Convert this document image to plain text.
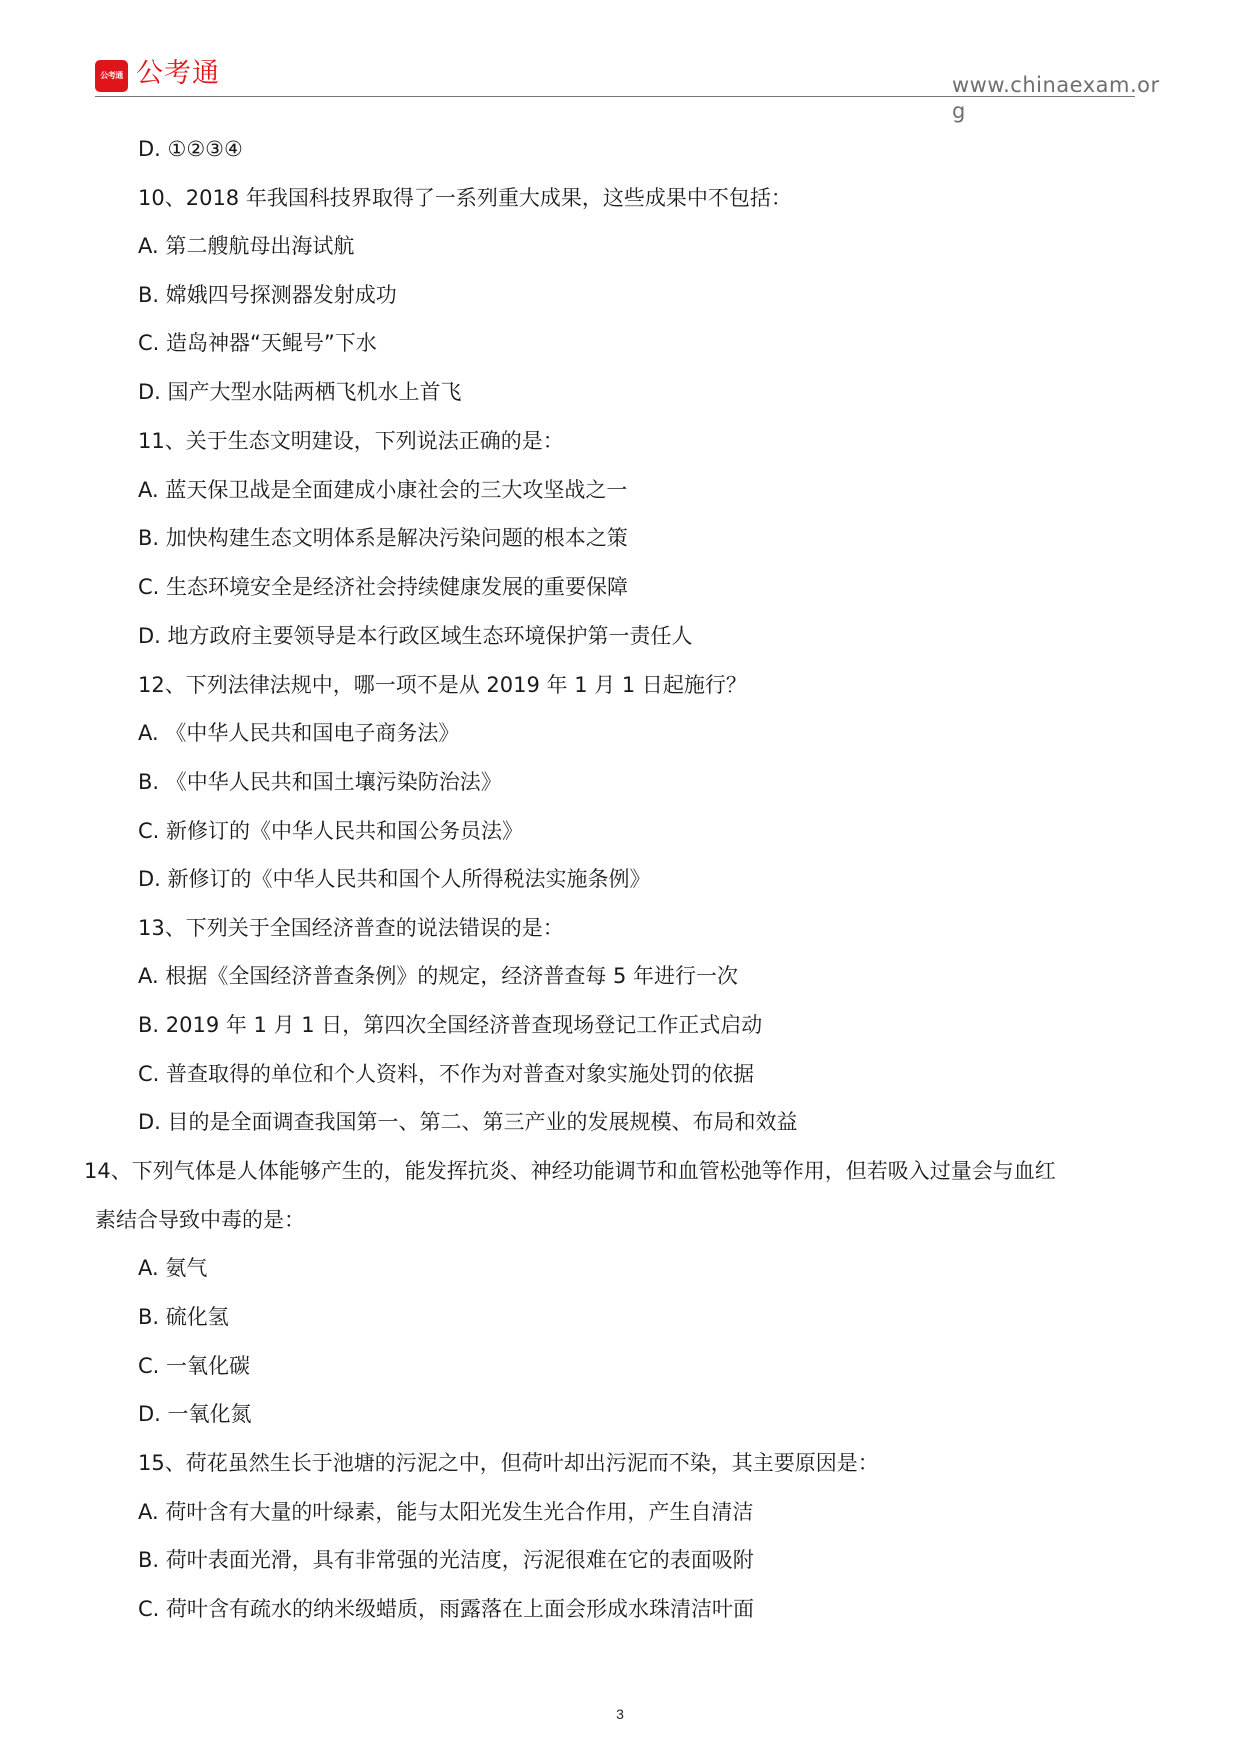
公考通 公考通	www.chinaexam.org
D. ①②③④
10、2018 年我国科技界取得了一系列重大成果，这些成果中不包括：
A. 第二艘航母出海试航
B. 嫦娥四号探测器发射成功
C. 造岛神器“天鲲号”下水
D. 国产大型水陆两栖飞机水上首飞
11、关于生态文明建设，下列说法正确的是：
A. 蓝天保卫战是全面建成小康社会的三大攻坚战之一
B. 加快构建生态文明体系是解决污染问题的根本之策
C. 生态环境安全是经济社会持续健康发展的重要保障
D. 地方政府主要领导是本行政区域生态环境保护第一责任人
12、下列法律法规中，哪一项不是从 2019 年 1 月 1 日起施行？
A. 《中华人民共和国电子商务法》
B. 《中华人民共和国土壤污染防治法》
C. 新修订的《中华人民共和国公务员法》
D. 新修订的《中华人民共和国个人所得税法实施条例》
13、下列关于全国经济普查的说法错误的是：
A. 根据《全国经济普查条例》的规定，经济普查每 5 年进行一次
B. 2019 年 1 月 1 日，第四次全国经济普查现场登记工作正式启动
C. 普查取得的单位和个人资料，不作为对普查对象实施处罚的依据
D. 目的是全面调查我国第一、第二、第三产业的发展规模、布局和效益
14、下列气体是人体能够产生的，能发挥抗炎、神经功能调节和血管松弛等作用，但若吸入过量会与血红
素结合导致中毒的是：
A. 氨气
B. 硫化氢
C. 一氧化碳
D. 一氧化氮
15、荷花虽然生长于池塘的污泥之中，但荷叶却出污泥而不染，其主要原因是：
A. 荷叶含有大量的叶绿素，能与太阳光发生光合作用，产生自清洁
B. 荷叶表面光滑，具有非常强的光洁度，污泥很难在它的表面吸附
C. 荷叶含有疏水的纳米级蜡质，雨露落在上面会形成水珠清洁叶面
3
